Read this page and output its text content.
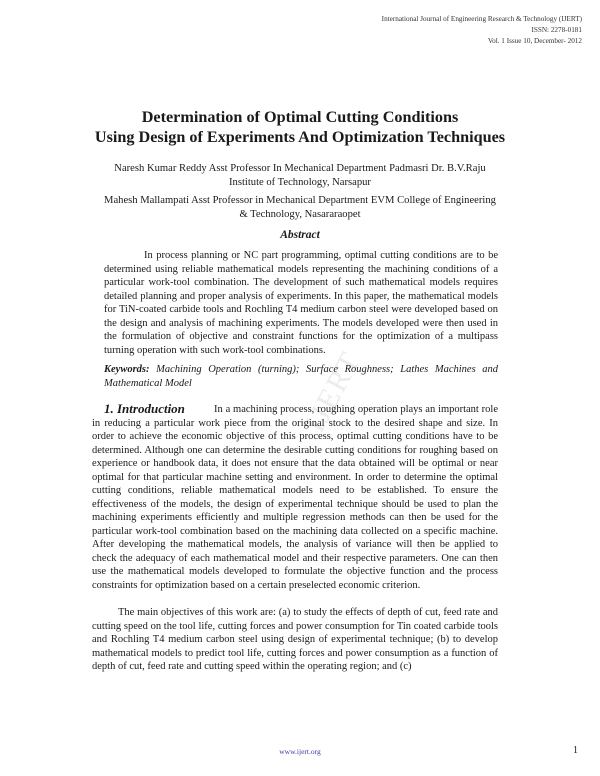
International Journal of Engineering Research & Technology (IJERT)
ISSN: 2278-0181
Vol. 1 Issue 10, December- 2012
Determination of Optimal Cutting Conditions
Using Design of Experiments And Optimization Techniques
Naresh Kumar Reddy Asst Professor In Mechanical Department Padmasri Dr. B.V.Raju
Institute of Technology, Narsapur
Mahesh Mallampati Asst Professor in Mechanical Department EVM College of Engineering
& Technology, Nasararaopet
Abstract

In process planning or NC part programming, optimal cutting conditions are to be determined using reliable mathematical models representing the machining conditions of a particular work-tool combination. The development of such mathematical models requires detailed planning and proper analysis of experiments. In this paper, the mathematical models for TiN-coated carbide tools and Rochling T4 medium carbon steel were developed based on the design and analysis of machining experiments. The models developed were then used in the formulation of objective and constraint functions for the optimization of a multipass turning operation with such work-tool combinations.

IJERT

Keywords: Machining Operation (turning); Surface Roughness; Lathes Machines and Mathematical Model

1. Introduction	In a machining process, roughing operation plays an important role in reducing a particular work piece from the original stock to the desired shape and size. In order to achieve the economic objective of this process, optimal cutting conditions have to be determined. Although one can determine the desirable cutting conditions for roughing based on experience or handbook data, it does not ensure that the data obtained will be optimal or near optimal for that particular machine setting and environment. In order to determine the optimal cutting conditions, reliable mathematical models need to be established. To ensure the effectiveness of the models, the design of experimental technique should be used to plan the machining experiments efficiently and multiple regression methods can then be used for the particular work-tool combination based on the machining data collected on a specific machine. After developing the mathematical models, the analysis of variance will then be applied to check the adequacy of each mathematical model and their respective parameters. One can then use the mathematical models developed to formulate the objective function and the process constraints for optimization based on a certain preselected economic criterion.

The main objectives of this work are: (a) to study the effects of depth of cut, feed rate and cutting speed on the tool life, cutting forces and power consumption for Tin coated carbide tools and Rochling T4 medium carbon steel using design of experimental technique; (b) to develop mathematical models to predict tool life, cutting forces and power consumption as a function of depth of cut, feed rate and cutting speed within the operating region; and (c)

www.ijert.org	1
